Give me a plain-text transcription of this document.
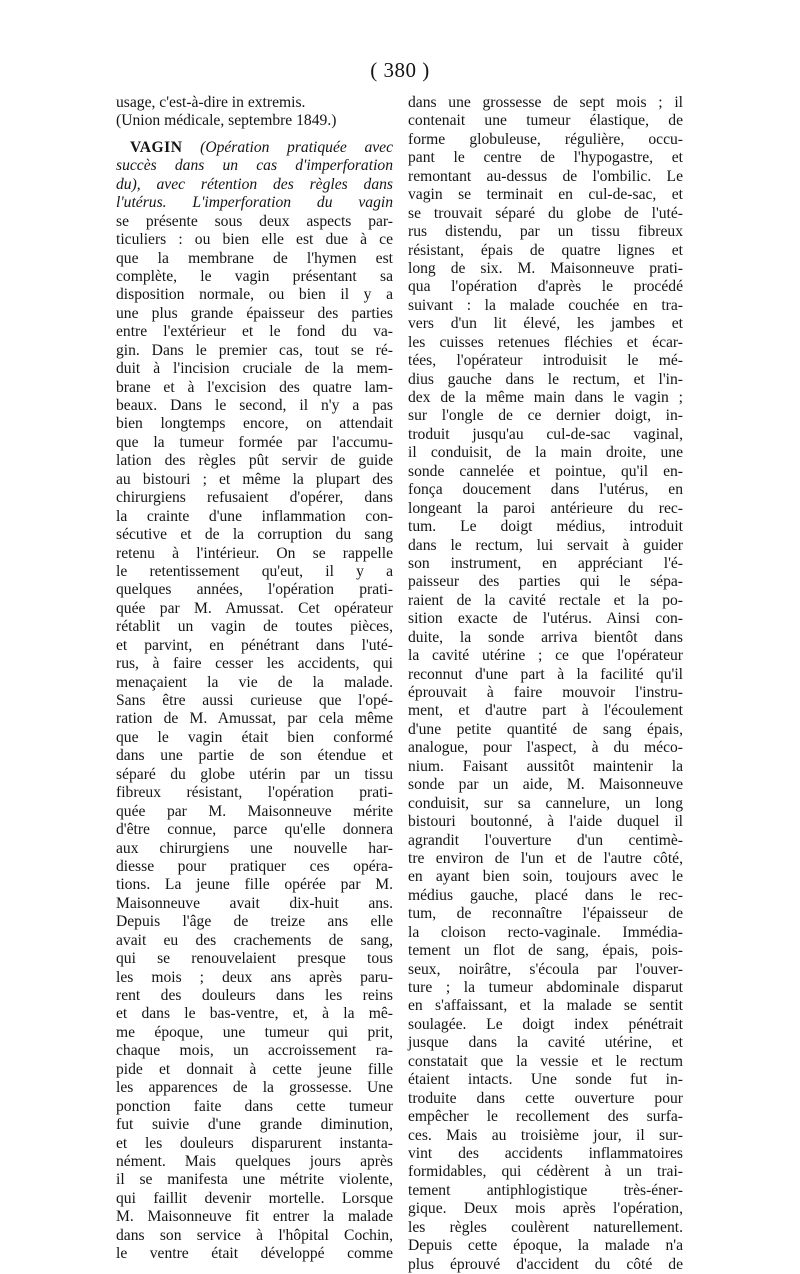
( 380 )
usage, c'est-à-dire in extremis.
(Union médicale, septembre 1849.)
VAGIN (Opération pratiquée avec
succès dans un cas d'imperforation
du), avec rétention des règles dans
l'utérus. L'imperforation du vagin
se présente sous deux aspects par-
ticuliers : ou bien elle est due à ce
que la membrane de l'hymen est
complète, le vagin présentant sa
disposition normale, ou bien il y a
une plus grande épaisseur des parties
entre l'extérieur et le fond du va-
gin. Dans le premier cas, tout se ré-
duit à l'incision cruciale de la mem-
brane et à l'excision des quatre lam-
beaux. Dans le second, il n'y a pas
bien longtemps encore, on attendait
que la tumeur formée par l'accumu-
lation des règles pût servir de guide
au bistouri ; et même la plupart des
chirurgiens refusaient d'opérer, dans
la crainte d'une inflammation con-
sécutive et de la corruption du sang
retenu à l'intérieur. On se rappelle
le retentissement qu'eut, il y a
quelques années, l'opération prati-
quée par M. Amussat. Cet opérateur
rétablit un vagin de toutes pièces,
et parvint, en pénétrant dans l'uté-
rus, à faire cesser les accidents, qui
menaçaient la vie de la malade.
Sans être aussi curieuse que l'opé-
ration de M. Amussat, par cela même
que le vagin était bien conformé
dans une partie de son étendue et
séparé du globe utérin par un tissu
fibreux résistant, l'opération prati-
quée par M. Maisonneuve mérite
d'être connue, parce qu'elle donnera
aux chirurgiens une nouvelle har-
diesse pour pratiquer ces opéra-
tions. La jeune fille opérée par M.
Maisonneuve avait dix-huit ans.
Depuis l'âge de treize ans elle
avait eu des crachements de sang,
qui se renouvelaient presque tous
les mois ; deux ans après paru-
rent des douleurs dans les reins
et dans le bas-ventre, et, à la mê-
me époque, une tumeur qui prit,
chaque mois, un accroissement ra-
pide et donnait à cette jeune fille
les apparences de la grossesse. Une
ponction faite dans cette tumeur
fut suivie d'une grande diminution,
et les douleurs disparurent instanta-
nément. Mais quelques jours après
il se manifesta une métrite violente,
qui faillit devenir mortelle. Lorsque
M. Maisonneuve fit entrer la malade
dans son service à l'hôpital Cochin,
le ventre était développé comme
dans une grossesse de sept mois ; il
contenait une tumeur élastique, de
forme globuleuse, régulière, occu-
pant le centre de l'hypogastre, et
remontant au-dessus de l'ombilic. Le
vagin se terminait en cul-de-sac, et
se trouvait séparé du globe de l'uté-
rus distendu, par un tissu fibreux
résistant, épais de quatre lignes et
long de six. M. Maisonneuve prati-
qua l'opération d'après le procédé
suivant : la malade couchée en tra-
vers d'un lit élevé, les jambes et
les cuisses retenues fléchies et écar-
tées, l'opérateur introduisit le mé-
dius gauche dans le rectum, et l'in-
dex de la même main dans le vagin ;
sur l'ongle de ce dernier doigt, in-
troduit jusqu'au cul-de-sac vaginal,
il conduisit, de la main droite, une
sonde cannelée et pointue, qu'il en-
fonça doucement dans l'utérus, en
longeant la paroi antérieure du rec-
tum. Le doigt médius, introduit
dans le rectum, lui servait à guider
son instrument, en appréciant l'é-
paisseur des parties qui le sépa-
raient de la cavité rectale et la po-
sition exacte de l'utérus. Ainsi con-
duite, la sonde arriva bientôt dans
la cavité utérine ; ce que l'opérateur
reconnut d'une part à la facilité qu'il
éprouvait à faire mouvoir l'instru-
ment, et d'autre part à l'écoulement
d'une petite quantité de sang épais,
analogue, pour l'aspect, à du méco-
nium. Faisant aussitôt maintenir la
sonde par un aide, M. Maisonneuve
conduisit, sur sa cannelure, un long
bistouri boutonné, à l'aide duquel il
agrandit l'ouverture d'un centimè-
tre environ de l'un et de l'autre côté,
en ayant bien soin, toujours avec le
médius gauche, placé dans le rec-
tum, de reconnaître l'épaisseur de
la cloison recto-vaginale. Immédia-
tement un flot de sang, épais, pois-
seux, noirâtre, s'écoula par l'ouver-
ture ; la tumeur abdominale disparut
en s'affaissant, et la malade se sentit
soulagée. Le doigt index pénétrait
jusque dans la cavité utérine, et
constatait que la vessie et le rectum
étaient intacts. Une sonde fut in-
troduite dans cette ouverture pour
empêcher le recollement des surfa-
ces. Mais au troisième jour, il sur-
vint des accidents inflammatoires
formidables, qui cédèrent à un trai-
tement antiphlogistique très-éner-
gique. Deux mois après l'opération,
les règles coulèrent naturellement.
Depuis cette époque, la malade n'a
plus éprouvé d'accident du côté de
